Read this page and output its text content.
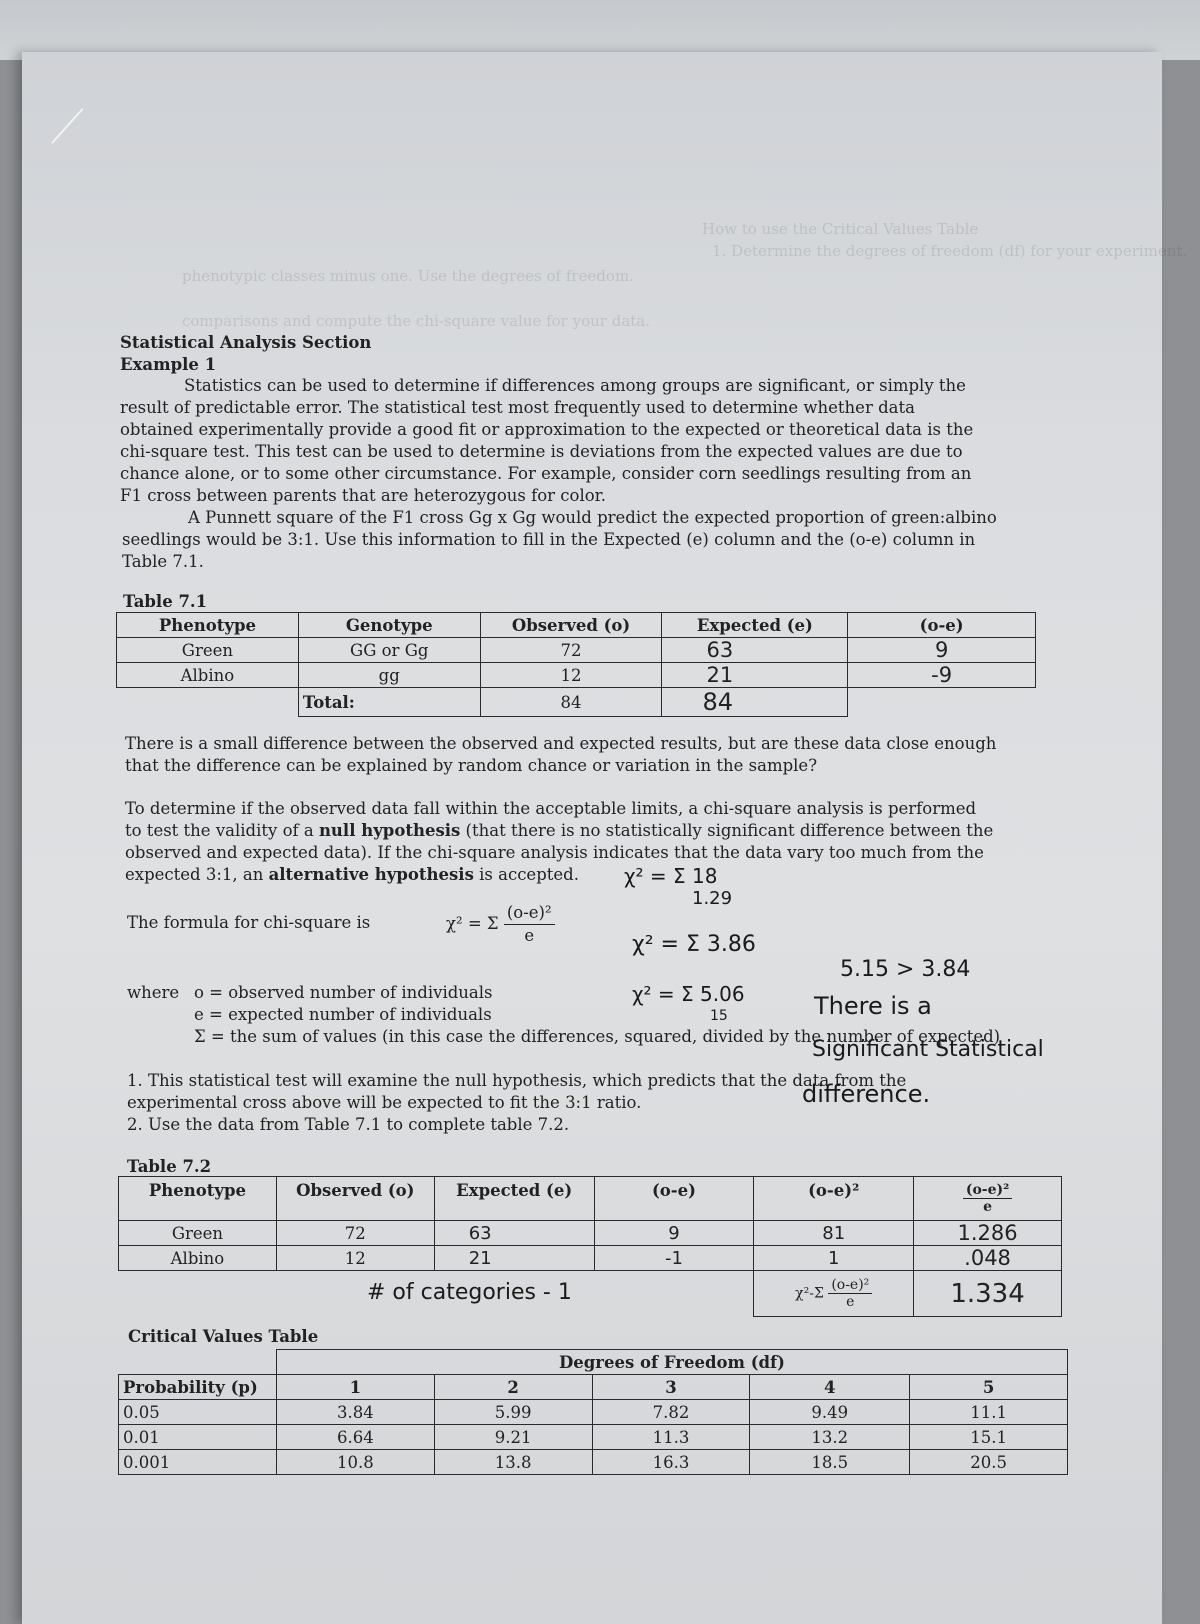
How to use the Critical Values Table
1. Determine the degrees of freedom (df) for your experiment.
phenotypic classes minus one. Use the degrees of freedom.
comparisons and compute the chi-square value for your data.
Statistical Analysis Section
Example 1
Statistics can be used to determine if differences among groups are significant, or simply the
result of predictable error. The statistical test most frequently used to determine whether data
obtained experimentally provide a good fit or approximation to the expected or theoretical data is the
chi-square test. This test can be used to determine is deviations from the expected values are due to
chance alone, or to some other circumstance. For example, consider corn seedlings resulting from an
F1 cross between parents that are heterozygous for color.
A Punnett square of the F1 cross Gg x Gg would predict the expected proportion of green:albino
seedlings would be 3:1. Use this information to fill in the Expected (e) column and the (o-e) column in
Table 7.1.
Table 7.1
Phenotype	Genotype	Observed (o)	Expected (e)	(o-e)
Green	GG or Gg	72	63	9
Albino	gg	12	21	-9
	Total:	84	84	
There is a small difference between the observed and expected results, but are these data close enough
that the difference can be explained by random chance or variation in the sample?
To determine if the observed data fall within the acceptable limits, a chi-square analysis is performed
to test the validity of a null hypothesis (that there is no statistically significant difference between the
observed and expected data). If the chi-square analysis indicates that the data vary too much from the
expected 3:1, an alternative hypothesis is accepted.
The formula for chi-square is	χ² = Σ $\frac{\text{(o-e)²}}{e}$
where o = observed number of individuals
e = expected number of individuals
Σ = the sum of values (in this case the differences, squared, divided by the number of expected)
1. This statistical test will examine the null hypothesis, which predicts that the data from the
experimental cross above will be expected to fit the 3:1 ratio.
2. Use the data from Table 7.1 to complete table 7.2.
Table 7.2
Phenotype	Observed (o)	Expected (e)	(o-e)	(o-e)²	$\frac{\text{(o-e)²}}{e}$

Green	72	63	9	81	1.286
Albino	12	21	-1	1	.048
				$\chi^2-\Sigma \frac{\text{(o-e)²}}{e}$	1.334
Critical Values Table
	Degrees of Freedom (df)				
Probability (p)	1	2	3	4	5
0.05	3.84	5.99	7.82	9.49	11.1
0.01	6.64	9.21	11.3	13.2	15.1
0.001	10.8	13.8	16.3	18.5	20.5
χ² = Σ 18
1.29
χ² = Σ 3.86
χ² = Σ 5.06
15
5.15 > 3.84
There is a
Significant Statistical
difference.
# of categories - 1
